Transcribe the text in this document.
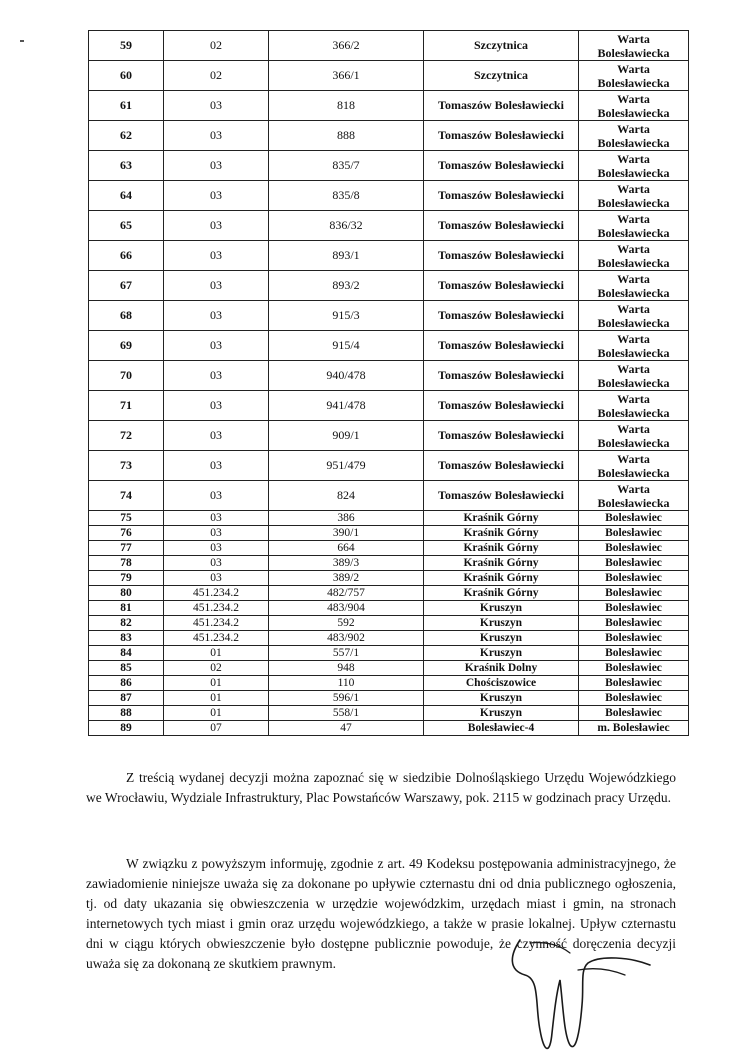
59	02	366/2	Szczytnica	Warta Bolesławiecka
60	02	366/1	Szczytnica	Warta Bolesławiecka
61	03	818	Tomaszów Bolesławiecki	Warta Bolesławiecka
62	03	888	Tomaszów Bolesławiecki	Warta Bolesławiecka
63	03	835/7	Tomaszów Bolesławiecki	Warta Bolesławiecka
64	03	835/8	Tomaszów Bolesławiecki	Warta Bolesławiecka
65	03	836/32	Tomaszów Bolesławiecki	Warta Bolesławiecka
66	03	893/1	Tomaszów Bolesławiecki	Warta Bolesławiecka
67	03	893/2	Tomaszów Bolesławiecki	Warta Bolesławiecka
68	03	915/3	Tomaszów Bolesławiecki	Warta Bolesławiecka
69	03	915/4	Tomaszów Bolesławiecki	Warta Bolesławiecka
70	03	940/478	Tomaszów Bolesławiecki	Warta Bolesławiecka
71	03	941/478	Tomaszów Bolesławiecki	Warta Bolesławiecka
72	03	909/1	Tomaszów Bolesławiecki	Warta Bolesławiecka
73	03	951/479	Tomaszów Bolesławiecki	Warta Bolesławiecka
74	03	824	Tomaszów Bolesławiecki	Warta Bolesławiecka
75	03	386	Kraśnik Górny	Bolesławiec
76	03	390/1	Kraśnik Górny	Bolesławiec
77	03	664	Kraśnik Górny	Bolesławiec
78	03	389/3	Kraśnik Górny	Bolesławiec
79	03	389/2	Kraśnik Górny	Bolesławiec
80	451.234.2	482/757	Kraśnik Górny	Bolesławiec
81	451.234.2	483/904	Kruszyn	Bolesławiec
82	451.234.2	592	Kruszyn	Bolesławiec
83	451.234.2	483/902	Kruszyn	Bolesławiec
84	01	557/1	Kruszyn	Bolesławiec
85	02	948	Kraśnik Dolny	Bolesławiec
86	01	110	Chościszowice	Bolesławiec
87	01	596/1	Kruszyn	Bolesławiec
88	01	558/1	Kruszyn	Bolesławiec
89	07	47	Bolesławiec-4	m. Bolesławiec

Z treścią wydanej decyzji można zapoznać się w siedzibie Dolnośląskiego Urzędu Wojewódzkiego we Wrocławiu, Wydziale Infrastruktury, Plac Powstańców Warszawy, pok. 2115 w godzinach pracy Urzędu.

W związku z powyższym informuję, zgodnie z art. 49 Kodeksu postępowania administracyjnego, że zawiadomienie niniejsze uważa się za dokonane po upływie czternastu dni od dnia publicznego ogłoszenia, tj. od daty ukazania się obwieszczenia w urzędzie wojewódzkim, urzędach miast i gmin, na stronach internetowych tych miast i gmin oraz urzędu wojewódzkiego, a także w prasie lokalnej. Upływ czternastu dni w ciągu których obwieszczenie było dostępne publicznie powoduje, że czynność doręczenia decyzji uważa się za dokonaną ze skutkiem prawnym.
